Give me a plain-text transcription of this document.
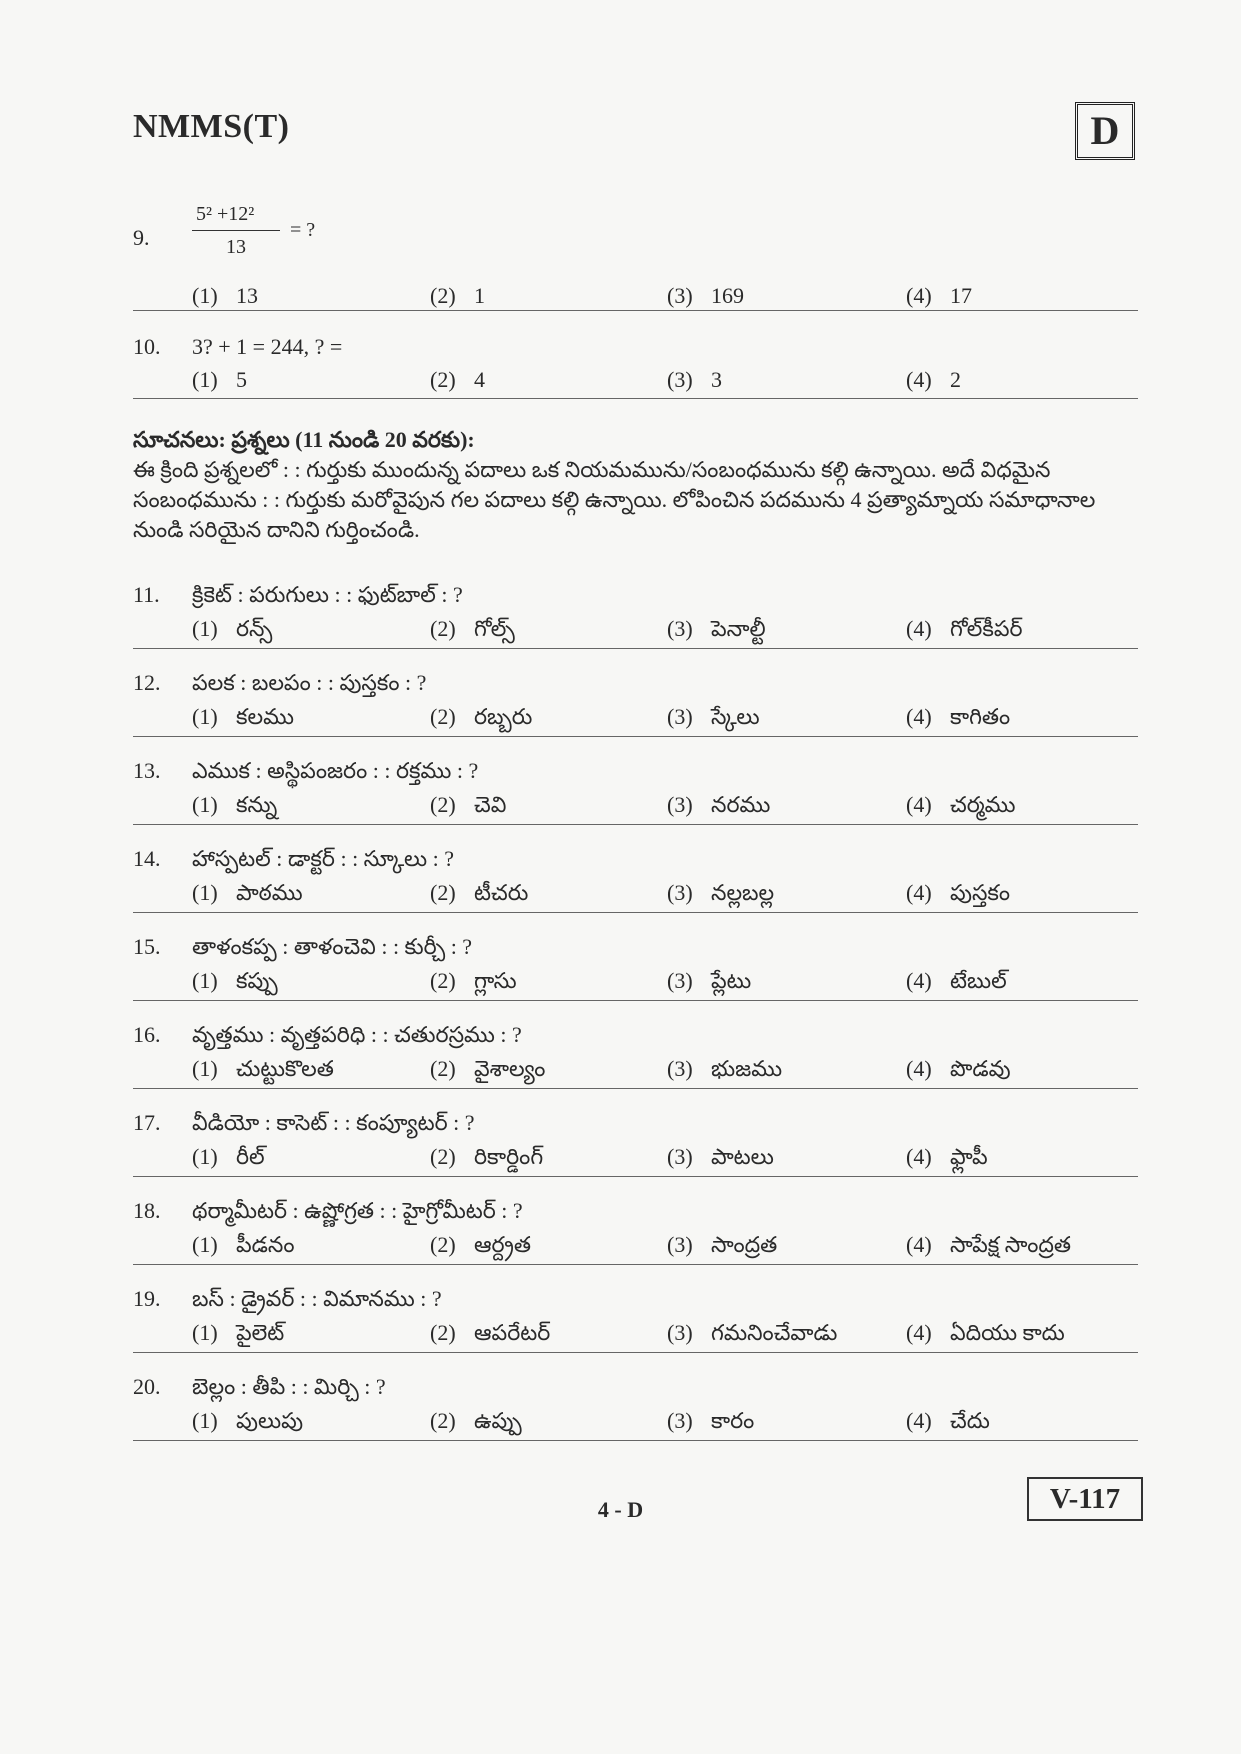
NMMS(T)	D
9.
5² +12²
13
= ?
(1) 13	(2) 1	(3) 169	(4) 17
10. 3? + 1 = 244, ? =
(1) 5	(2) 4	(3) 3	(4) 2
సూచనలు: ప్రశ్నలు (11 నుండి 20 వరకు):
ఈ క్రింది ప్రశ్నలలో : : గుర్తుకు ముందున్న పదాలు ఒక నియమమును/సంబంధమును కల్గి ఉన్నాయి. అదే విధమైన సంబంధమును : : గుర్తుకు మరోవైపున గల పదాలు కల్గి ఉన్నాయి. లోపించిన పదమును 4 ప్రత్యామ్నాయ సమాధానాల నుండి సరియైన దానిని గుర్తించండి.
11. క్రికెట్ : పరుగులు : : ఫుట్‌బాల్ : ?
(1) రన్స్	(2) గోల్స్	(3) పెనాల్టీ	(4) గోల్‌కీపర్
12. పలక : బలపం : : పుస్తకం : ?
(1) కలము	(2) రబ్బరు	(3) స్కేలు	(4) కాగితం
13. ఎముక : అస్థిపంజరం : : రక్తము : ?
(1) కన్ను	(2) చెవి	(3) నరము	(4) చర్మము
14. హాస్పటల్ : డాక్టర్ : : స్కూలు : ?
(1) పాఠము	(2) టీచరు	(3) నల్లబల్ల	(4) పుస్తకం
15. తాళంకప్ప : తాళంచెవి : : కుర్చీ : ?
(1) కప్పు	(2) గ్లాసు	(3) ప్లేటు	(4) టేబుల్
16. వృత్తము : వృత్తపరిధి : : చతురస్రము : ?
(1) చుట్టుకొలత	(2) వైశాల్యం	(3) భుజము	(4) పొడవు
17. వీడియో : కాసెట్ : : కంప్యూటర్ : ?
(1) రీల్	(2) రికార్డింగ్	(3) పాటలు	(4) ఫ్లాపీ
18. థర్మామీటర్ : ఉష్ణోగ్రత : : హైగ్రోమీటర్ : ?
(1) పీడనం	(2) ఆర్ద్రత	(3) సాంద్రత	(4) సాపేక్ష సాంద్రత
19. బస్ : డ్రైవర్ : : విమానము : ?
(1) పైలెట్	(2) ఆపరేటర్	(3) గమనించేవాడు	(4) ఏదియు కాదు
20. బెల్లం : తీపి : : మిర్చి : ?
(1) పులుపు	(2) ఉప్పు	(3) కారం	(4) చేదు
4 - D	V-117
